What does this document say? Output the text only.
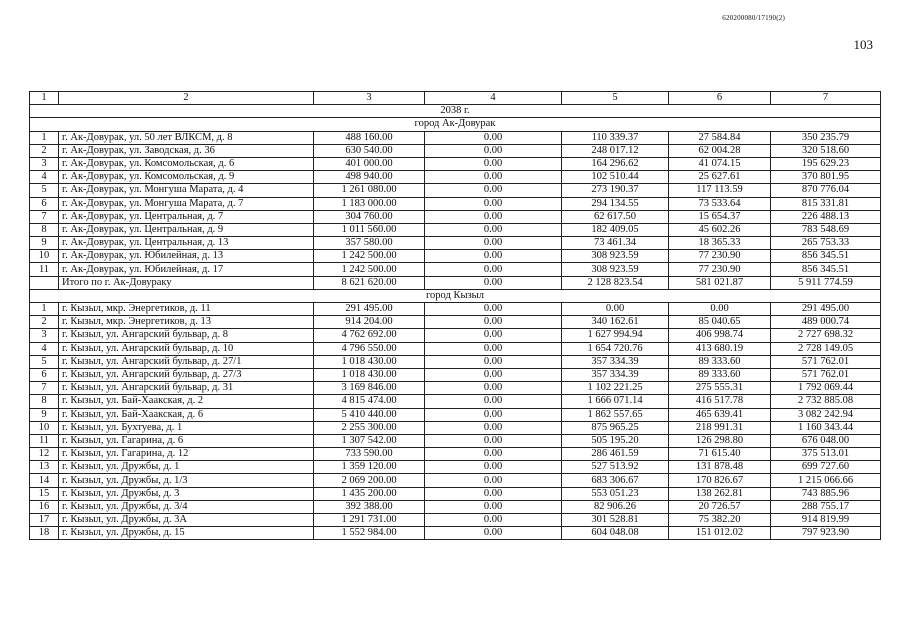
620200080/17190(2)
103
1	2	3	4	5	6	7
2038 г.						
город Ак-Довурак						
1	г. Ак-Довурак, ул. 50 лет ВЛКСМ, д. 8	488 160.00	0.00	110 339.37	27 584.84	350 235.79
2	г. Ак-Довурак, ул. Заводская, д. 36	630 540.00	0.00	248 017.12	62 004.28	320 518.60
3	г. Ак-Довурак, ул. Комсомольская, д. 6	401 000.00	0.00	164 296.62	41 074.15	195 629.23
4	г. Ак-Довурак, ул. Комсомольская, д. 9	498 940.00	0.00	102 510.44	25 627.61	370 801.95
5	г. Ак-Довурак, ул. Монгуша Марата, д. 4	1 261 080.00	0.00	273 190.37	117 113.59	870 776.04
6	г. Ак-Довурак, ул. Монгуша Марата, д. 7	1 183 000.00	0.00	294 134.55	73 533.64	815 331.81
7	г. Ак-Довурак, ул. Центральная, д. 7	304 760.00	0.00	62 617.50	15 654.37	226 488.13
8	г. Ак-Довурак, ул. Центральная, д. 9	1 011 560.00	0.00	182 409.05	45 602.26	783 548.69
9	г. Ак-Довурак, ул. Центральная, д. 13	357 580.00	0.00	73 461.34	18 365.33	265 753.33
10	г. Ак-Довурак, ул. Юбилейная, д. 13	1 242 500.00	0.00	308 923.59	77 230.90	856 345.51
11	г. Ак-Довурак, ул. Юбилейная, д. 17	1 242 500.00	0.00	308 923.59	77 230.90	856 345.51
	Итого по г. Ак-Довураку	8 621 620.00	0.00	2 128 823.54	581 021.87	5 911 774.59
город Кызыл						
1	г. Кызыл, мкр. Энергетиков, д. 11	291 495.00	0.00	0.00	0.00	291 495.00
2	г. Кызыл, мкр. Энергетиков, д. 13	914 204.00	0.00	340 162.61	85 040.65	489 000.74
3	г. Кызыл, ул. Ангарский бульвар, д. 8	4 762 692.00	0.00	1 627 994.94	406 998.74	2 727 698.32
4	г. Кызыл, ул. Ангарский бульвар, д. 10	4 796 550.00	0.00	1 654 720.76	413 680.19	2 728 149.05
5	г. Кызыл, ул. Ангарский бульвар, д. 27/1	1 018 430.00	0.00	357 334.39	89 333.60	571 762.01
6	г. Кызыл, ул. Ангарский бульвар, д. 27/3	1 018 430.00	0.00	357 334.39	89 333.60	571 762.01
7	г. Кызыл, ул. Ангарский бульвар, д. 31	3 169 846.00	0.00	1 102 221.25	275 555.31	1 792 069.44
8	г. Кызыл, ул. Бай-Хаакская, д. 2	4 815 474.00	0.00	1 666 071.14	416 517.78	2 732 885.08
9	г. Кызыл, ул. Бай-Хаакская, д. 6	5 410 440.00	0.00	1 862 557.65	465 639.41	3 082 242.94
10	г. Кызыл, ул. Бухтуева, д. 1	2 255 300.00	0.00	875 965.25	218 991.31	1 160 343.44
11	г. Кызыл, ул. Гагарина, д. 6	1 307 542.00	0.00	505 195.20	126 298.80	676 048.00
12	г. Кызыл, ул. Гагарина, д. 12	733 590.00	0.00	286 461.59	71 615.40	375 513.01
13	г. Кызыл, ул. Дружбы, д. 1	1 359 120.00	0.00	527 513.92	131 878.48	699 727.60
14	г. Кызыл, ул. Дружбы, д. 1/3	2 069 200.00	0.00	683 306.67	170 826.67	1 215 066.66
15	г. Кызыл, ул. Дружбы, д. 3	1 435 200.00	0.00	553 051.23	138 262.81	743 885.96
16	г. Кызыл, ул. Дружбы, д. 3/4	392 388.00	0.00	82 906.26	20 726.57	288 755.17
17	г. Кызыл, ул. Дружбы, д. 3А	1 291 731.00	0.00	301 528.81	75 382.20	914 819.99
18	г. Кызыл, ул. Дружбы, д. 15	1 552 984.00	0.00	604 048.08	151 012.02	797 923.90
